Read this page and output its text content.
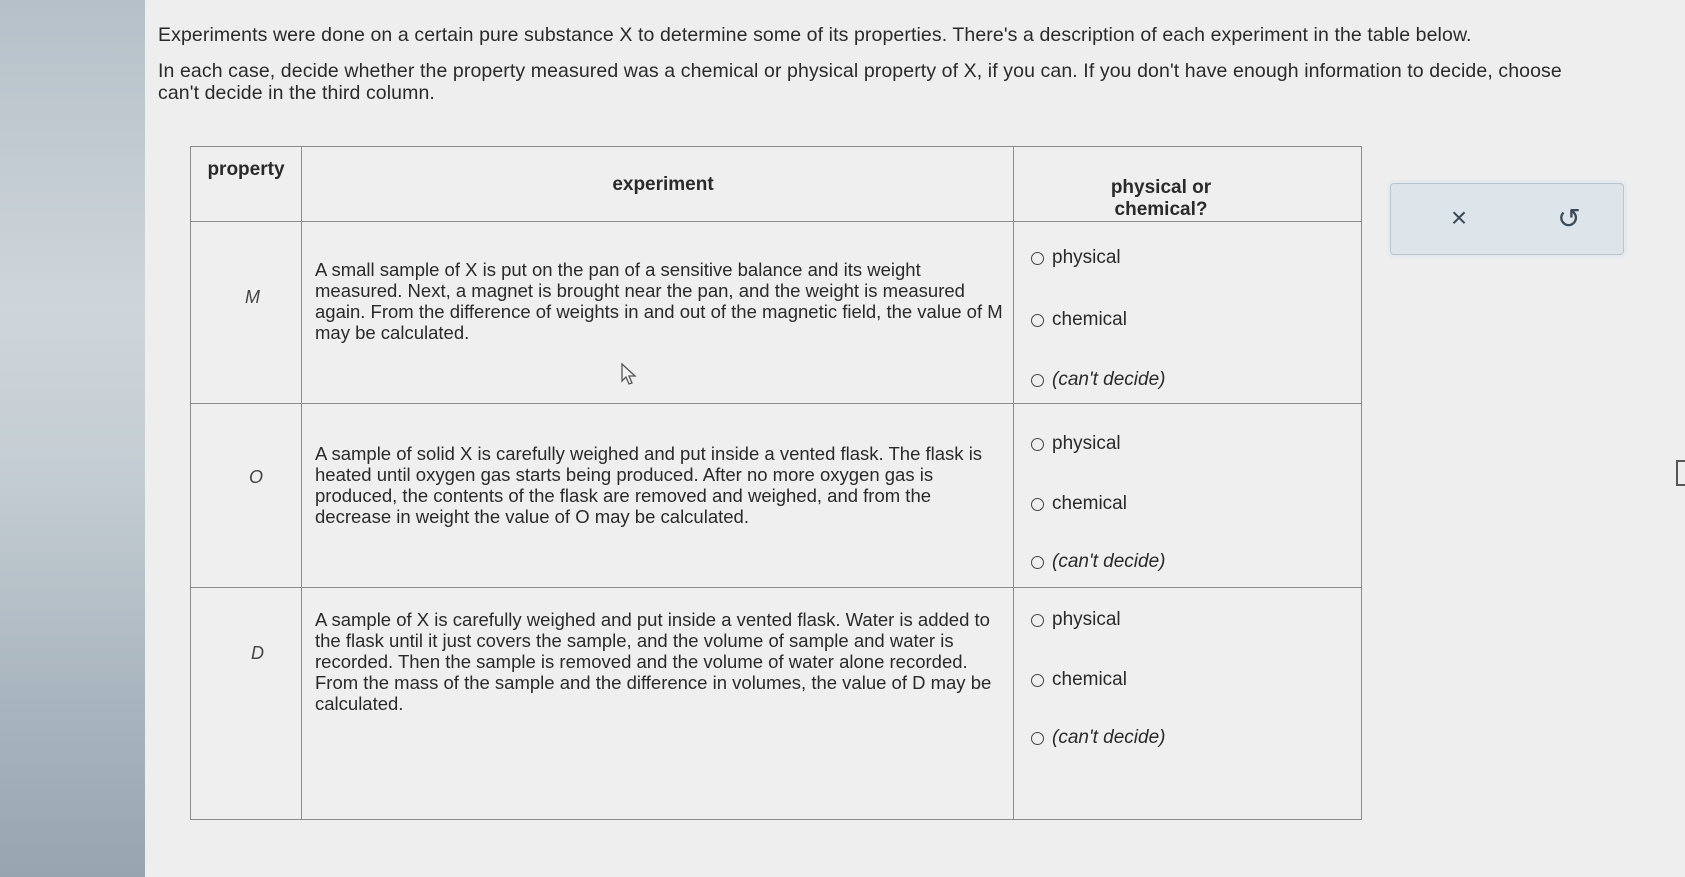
Experiments were done on a certain pure substance X to determine some of its properties. There's a description of each experiment in the table below.

In each case, decide whether the property measured was a chemical or physical property of X, if you can. If you don't have enough information to decide, choose can't decide in the third column.

property
experiment	physical or chemical?
M
A small sample of X is put on the pan of a sensitive balance and its weight measured. Next, a magnet is brought near the pan, and the weight is measured again. From the difference of weights in and out of the magnetic field, the value of M may be calculated.
physical
chemical
(can't decide)
O
A sample of solid X is carefully weighed and put inside a vented flask. The flask is heated until oxygen gas starts being produced. After no more oxygen gas is produced, the contents of the flask are removed and weighed, and from the decrease in weight the value of O may be calculated.
physical
chemical
(can't decide)
D
A sample of X is carefully weighed and put inside a vented flask. Water is added to the flask until it just covers the sample, and the volume of sample and water is recorded. Then the sample is removed and the volume of water alone recorded. From the mass of the sample and the difference in volumes, the value of D may be calculated.
physical
chemical
(can't decide)
×	↺
